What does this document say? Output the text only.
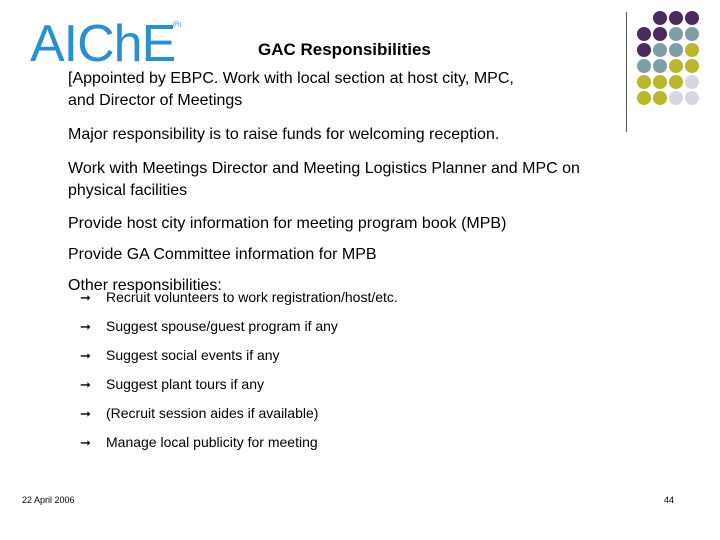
AIChE
(R)
GAC Responsibilities
[Appointed by EBPC. Work with local section at host city, MPC,
and Director of Meetings
Major responsibility is to raise funds for welcoming reception.
Work with Meetings Director and Meeting Logistics Planner and MPC on
physical facilities
Provide host city information for meeting program book (MPB)
Provide GA Committee information for MPB
Other responsibilities:
➞ Recruit volunteers to work registration/host/etc.
➞ Suggest spouse/guest program if any
➞ Suggest social events if any
➞ Suggest plant tours if any
➞ (Recruit session aides if available)
➞ Manage local publicity for meeting
22 April 2006	44
